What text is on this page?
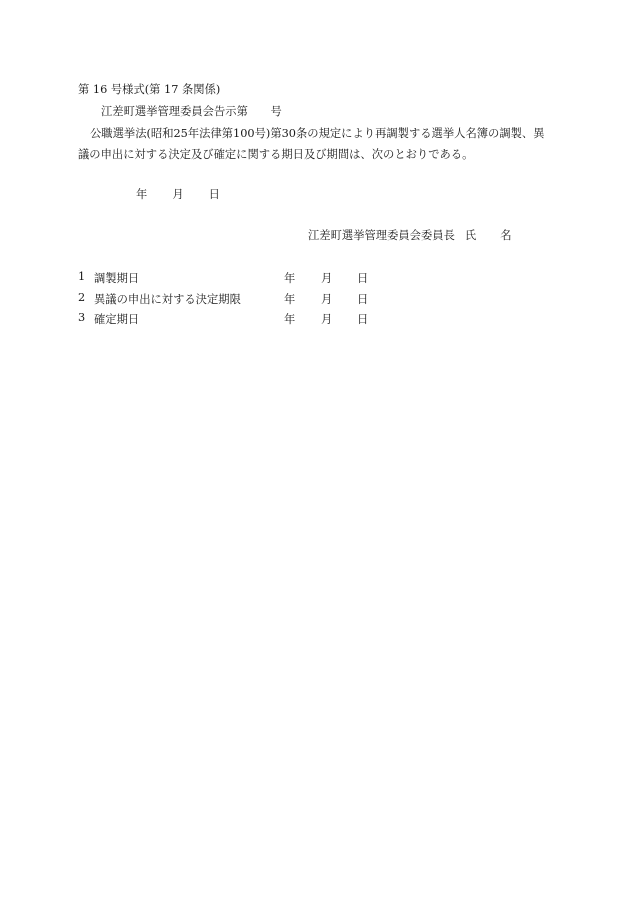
第 16 号様式(第 17 条関係)
江差町選挙管理委員会告示第　　号
公職選挙法(昭和25年法律第100号)第30条の規定により再調製する選挙人名簿の調製、異
議の申出に対する決定及び確定に関する期日及び期間は、次のとおりである。
年 月 日
江差町選挙管理委員会委員長 氏 名
1 調製期日	年 月 日
2 異議の申出に対する決定期限	年 月 日
3 確定期日	年 月 日
